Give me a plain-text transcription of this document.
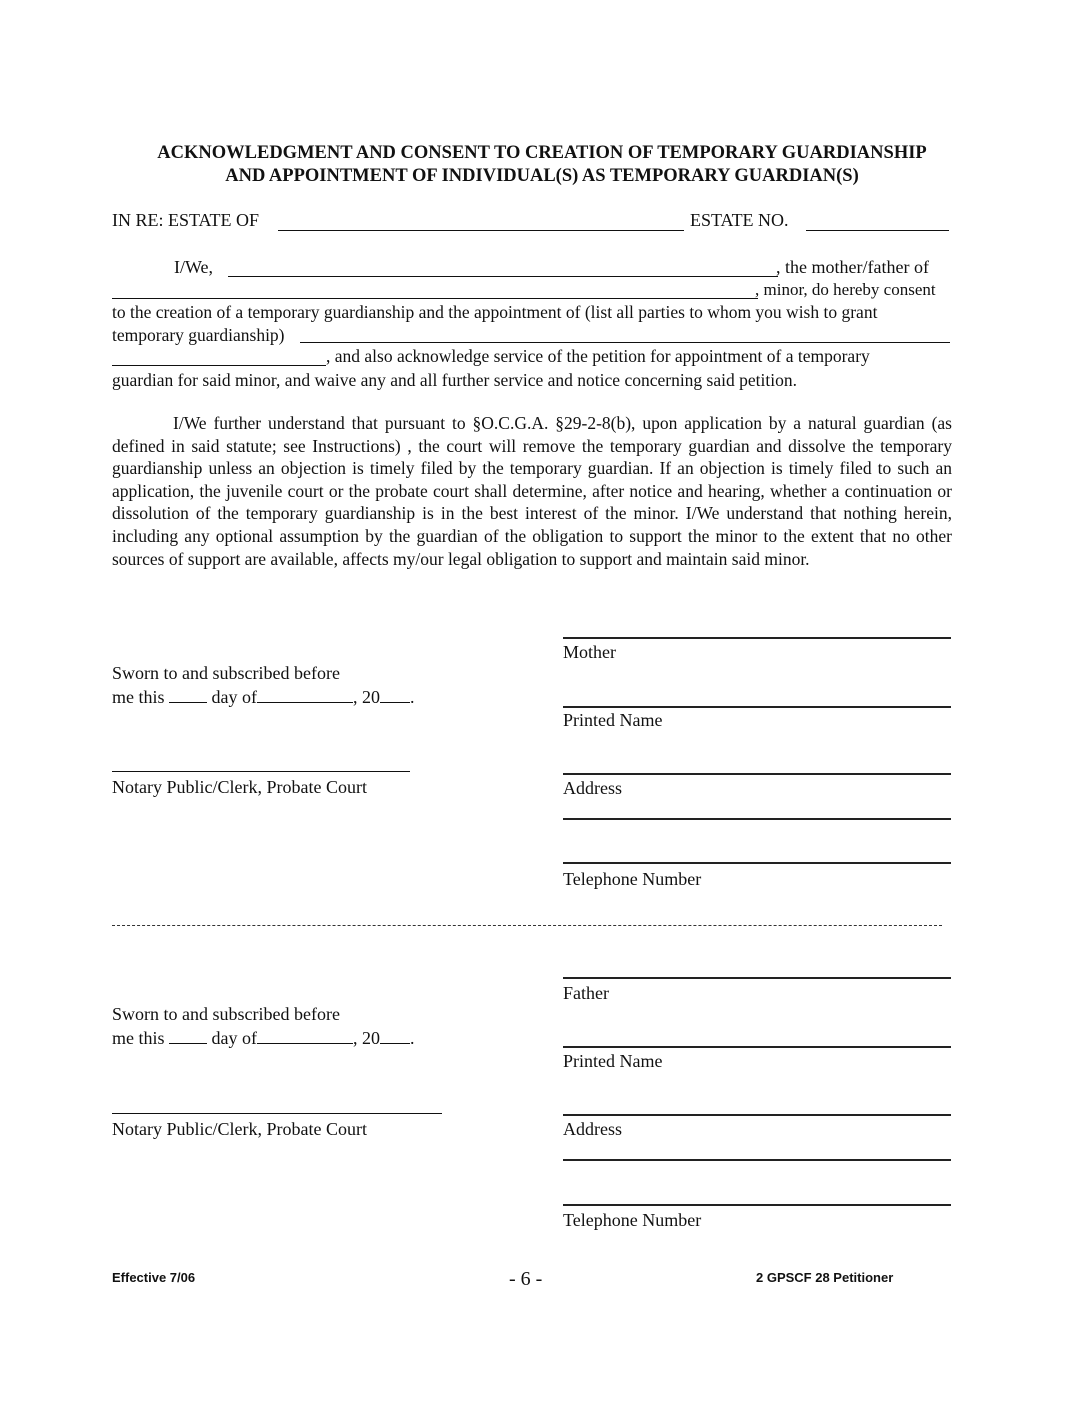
ACKNOWLEDGMENT AND CONSENT TO CREATION OF TEMPORARY GUARDIANSHIP
AND APPOINTMENT OF INDIVIDUAL(S) AS TEMPORARY GUARDIAN(S)
IN RE: ESTATE OF	ESTATE NO.
I/We,	, the mother/father of
, minor, do hereby consent
to the creation of a temporary guardianship and the appointment of (list all parties to whom you wish to grant
temporary guardianship)
, and also acknowledge service of the petition for appointment of a temporary
guardian for said minor, and waive any and all further service and notice concerning said petition.
I/We further understand that pursuant to §O.C.G.A. §29-2-8(b), upon application by a natural guardian (as defined in said statute; see Instructions) , the court will remove the temporary guardian and dissolve the temporary guardianship unless an objection is timely filed by the temporary guardian. If an objection is timely filed to such an application, the juvenile court or the probate court shall determine, after notice and hearing, whether a continuation or dissolution of the temporary guardianship is in the best interest of the minor. I/We understand that nothing herein, including any optional assumption by the guardian of the obligation to support the minor to the extent that no other sources of support are available, affects my/our legal obligation to support and maintain said minor.
Mother
Printed Name
Address
Telephone Number
Sworn to and subscribed before
me this	day of	, 20 .
Notary Public/Clerk, Probate Court
Father
Printed Name
Address
Telephone Number
Sworn to and subscribed before
me this	day of	, 20 .
Notary Public/Clerk, Probate Court
Effective 7/06	- 6 -	2 GPSCF 28 Petitioner
